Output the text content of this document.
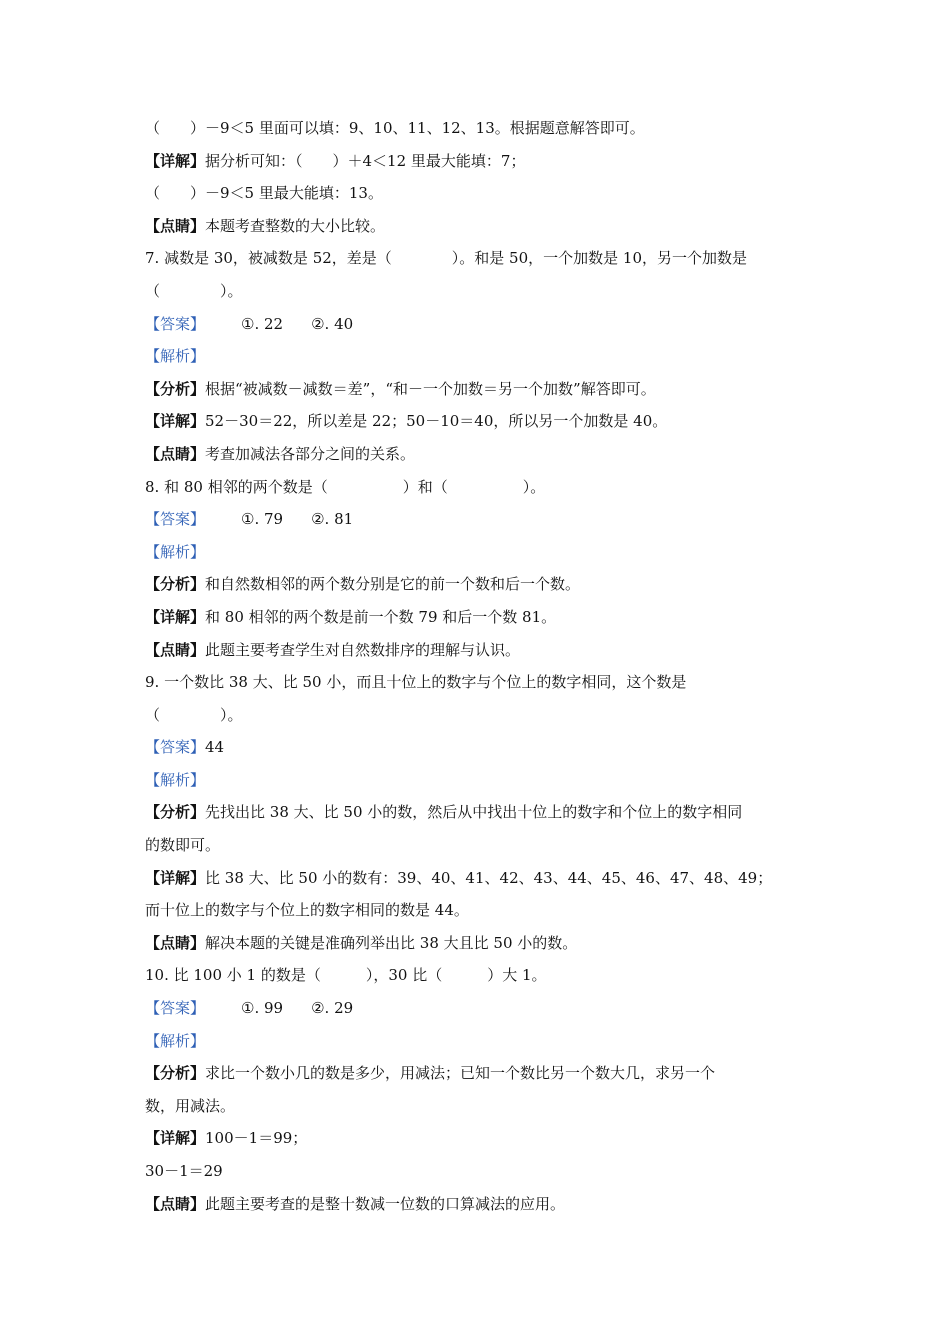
（　　）－9＜5 里面可以填：9、10、11、12、13。根据题意解答即可。
【详解】据分析可知：（　　）＋4＜12 里最大能填：7；
（　　）－9＜5 里最大能填：13。
【点睛】本题考查整数的大小比较。
7. 减数是 30，被减数是 52，差是（　　　　）。和是 50，一个加数是 10，另一个加数是
（　　　　）。
【答案】 ①. 22 ②. 40
【解析】
【分析】根据“被减数－减数＝差”，“和－一个加数＝另一个加数”解答即可。
【详解】52－30＝22，所以差是 22；50－10＝40，所以另一个加数是 40。
【点睛】考查加减法各部分之间的关系。
8. 和 80 相邻的两个数是（　　　　　）和（　　　　　）。
【答案】 ①. 79 ②. 81
【解析】
【分析】和自然数相邻的两个数分别是它的前一个数和后一个数。
【详解】和 80 相邻的两个数是前一个数 79 和后一个数 81。
【点睛】此题主要考查学生对自然数排序的理解与认识。
9. 一个数比 38 大、比 50 小，而且十位上的数字与个位上的数字相同，这个数是
（　　　　）。
【答案】44
【解析】
【分析】先找出比 38 大、比 50 小的数，然后从中找出十位上的数字和个位上的数字相同
的数即可。
【详解】比 38 大、比 50 小的数有：39、40、41、42、43、44、45、46、47、48、49；
而十位上的数字与个位上的数字相同的数是 44。
【点睛】解决本题的关键是准确列举出比 38 大且比 50 小的数。
10. 比 100 小 1 的数是（　　　），30 比（　　　）大 1。
【答案】 ①. 99 ②. 29
【解析】
【分析】求比一个数小几的数是多少，用减法；已知一个数比另一个数大几，求另一个
数，用减法。
【详解】100－1＝99；
30－1＝29
【点睛】此题主要考查的是整十数减一位数的口算减法的应用。
